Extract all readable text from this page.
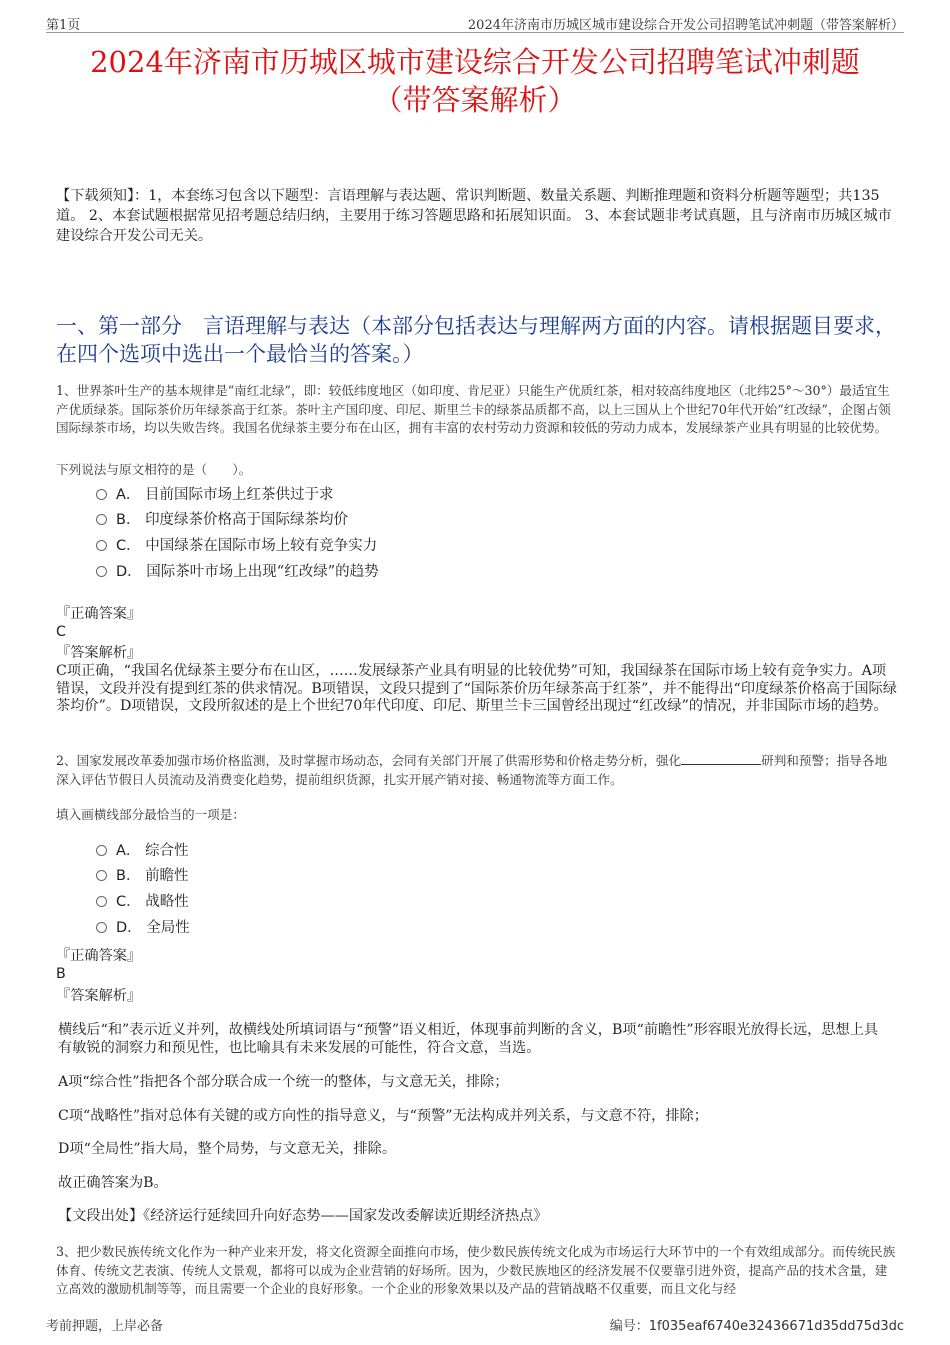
第1页	2024年济南市历城区城市建设综合开发公司招聘笔试冲刺题（带答案解析）
2024年济南市历城区城市建设综合开发公司招聘笔试冲刺题
（带答案解析）
【下载须知】：1，本套练习包含以下题型：言语理解与表达题、常识判断题、数量关系题、判断推理题和资料分析题等题型；共135道。 2、本套试题根据常见招考题总结归纳，主要用于练习答题思路和拓展知识面。 3、本套试题非考试真题，且与济南市历城区城市建设综合开发公司无关。
一、第一部分　言语理解与表达（本部分包括表达与理解两方面的内容。请根据题目要求，在四个选项中选出一个最恰当的答案。）
1、世界茶叶生产的基本规律是“南红北绿”，即：较低纬度地区（如印度、肯尼亚）只能生产优质红茶，相对较高纬度地区（北纬25°～30°）最适宜生产优质绿茶。国际茶价历年绿茶高于红茶。茶叶主产国印度、印尼、斯里兰卡的绿茶品质都不高，以上三国从上个世纪70年代开始“红改绿”，企图占领国际绿茶市场，均以失败告终。我国名优绿茶主要分布在山区，拥有丰富的农村劳动力资源和较低的劳动力成本，发展绿茶产业具有明显的比较优势。
下列说法与原文相符的是（　　）。
A． 目前国际市场上红茶供过于求
B． 印度绿茶价格高于国际绿茶均价
C． 中国绿茶在国际市场上较有竞争实力
D． 国际茶叶市场上出现“红改绿”的趋势
『正确答案』
C
『答案解析』
C项正确，“我国名优绿茶主要分布在山区，……发展绿茶产业具有明显的比较优势”可知，我国绿茶在国际市场上较有竞争实力。A项错误，文段并没有提到红茶的供求情况。B项错误，文段只提到了“国际茶价历年绿茶高于红茶”，并不能得出“印度绿茶价格高于国际绿茶均价”。D项错误，文段所叙述的是上个世纪70年代印度、印尼、斯里兰卡三国曾经出现过“红改绿”的情况，并非国际市场的趋势。
2、国家发展改革委加强市场价格监测，及时掌握市场动态，会同有关部门开展了供需形势和价格走势分析，强化	研判和预警；指导各地深入评估节假日人员流动及消费变化趋势，提前组织货源，扎实开展产销对接、畅通物流等方面工作。
填入画横线部分最恰当的一项是：
A． 综合性
B． 前瞻性
C． 战略性
D． 全局性
『正确答案』
B
『答案解析』
横线后“和”表示近义并列，故横线处所填词语与“预警”语义相近，体现事前判断的含义，B项“前瞻性”形容眼光放得长远，思想上具有敏锐的洞察力和预见性，也比喻具有未来发展的可能性，符合文意，当选。
A项“综合性”指把各个部分联合成一个统一的整体，与文意无关，排除；
C项“战略性”指对总体有关键的或方向性的指导意义，与“预警”无法构成并列关系，与文意不符，排除；
D项“全局性”指大局，整个局势，与文意无关，排除。
故正确答案为B。
【文段出处】《经济运行延续回升向好态势——国家发改委解读近期经济热点》
3、把少数民族传统文化作为一种产业来开发，将文化资源全面推向市场，使少数民族传统文化成为市场运行大环节中的一个有效组成部分。而传统民族体育、传统文艺表演、传统人文景观，都将可以成为企业营销的好场所。因为，少数民族地区的经济发展不仅要靠引进外资，提高产品的技术含量，建立高效的激励机制等等，而且需要一个企业的良好形象。一个企业的形象效果以及产品的营销战略不仅重要，而且文化与经
考前押题，上岸必备	编号：1f035eaf6740e32436671d35dd75d3dc
